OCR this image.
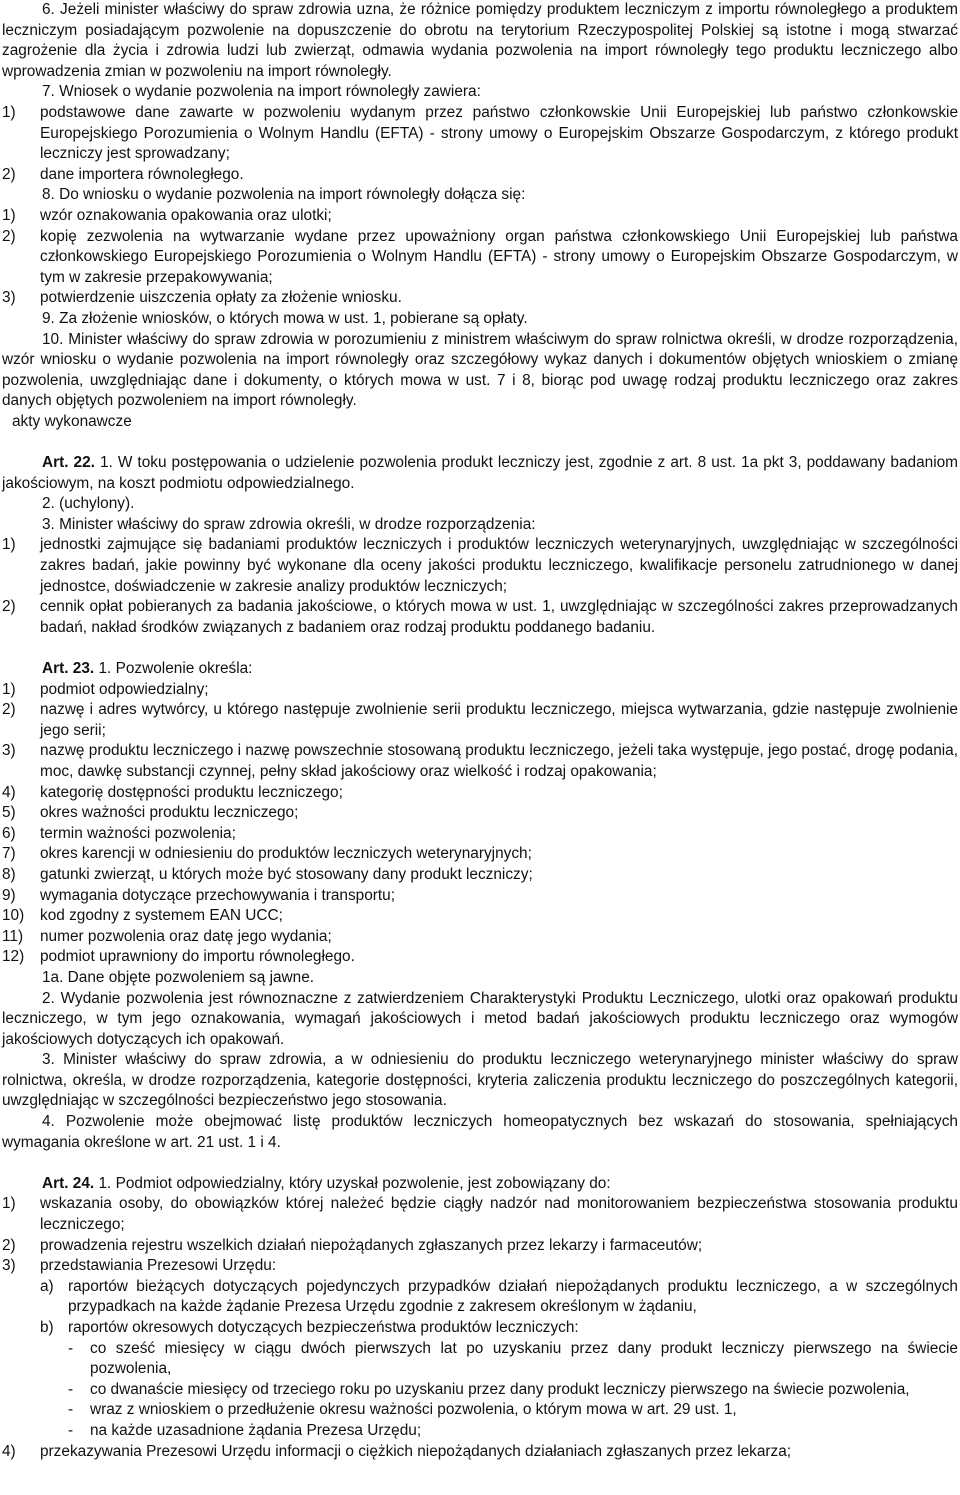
6. Jeżeli minister właściwy do spraw zdrowia uzna, że różnice pomiędzy produktem leczniczym z importu równoległego a produktem leczniczym posiadającym pozwolenie na dopuszczenie do obrotu na terytorium Rzeczypospolitej Polskiej są istotne i mogą stwarzać zagrożenie dla życia i zdrowia ludzi lub zwierząt, odmawia wydania pozwolenia na import równoległy tego produktu leczniczego albo wprowadzenia zmian w pozwoleniu na import równoległy.

7. Wniosek o wydanie pozwolenia na import równoległy zawiera:

1)	podstawowe dane zawarte w pozwoleniu wydanym przez państwo członkowskie Unii Europejskiej lub państwo członkowskie Europejskiego Porozumienia o Wolnym Handlu (EFTA) - strony umowy o Europejskim Obszarze Gospodarczym, z którego produkt leczniczy jest sprowadzany;
2)	dane importera równoległego.

8. Do wniosku o wydanie pozwolenia na import równoległy dołącza się:

1)	wzór oznakowania opakowania oraz ulotki;
2)	kopię zezwolenia na wytwarzanie wydane przez upoważniony organ państwa członkowskiego Unii Europejskiej lub państwa członkowskiego Europejskiego Porozumienia o Wolnym Handlu (EFTA) - strony umowy o Europejskim Obszarze Gospodarczym, w tym w zakresie przepakowywania;
3)	potwierdzenie uiszczenia opłaty za złożenie wniosku.

9. Za złożenie wniosków, o których mowa w ust. 1, pobierane są opłaty.

10. Minister właściwy do spraw zdrowia w porozumieniu z ministrem właściwym do spraw rolnictwa określi, w drodze rozporządzenia, wzór wniosku o wydanie pozwolenia na import równoległy oraz szczegółowy wykaz danych i dokumentów objętych wnioskiem o zmianę pozwolenia, uwzględniając dane i dokumenty, o których mowa w ust. 7 i 8, biorąc pod uwagę rodzaj produktu leczniczego oraz zakres danych objętych pozwoleniem na import równoległy.

akty wykonawcze

Art. 22. 1. W toku postępowania o udzielenie pozwolenia produkt leczniczy jest, zgodnie z art. 8 ust. 1a pkt 3, poddawany badaniom jakościowym, na koszt podmiotu odpowiedzialnego.

2. (uchylony).

3. Minister właściwy do spraw zdrowia określi, w drodze rozporządzenia:

1)	jednostki zajmujące się badaniami produktów leczniczych i produktów leczniczych weterynaryjnych, uwzględniając w szczególności zakres badań, jakie powinny być wykonane dla oceny jakości produktu leczniczego, kwalifikacje personelu zatrudnionego w danej jednostce, doświadczenie w zakresie analizy produktów leczniczych;
2)	cennik opłat pobieranych za badania jakościowe, o których mowa w ust. 1, uwzględniając w szczególności zakres przeprowadzanych badań, nakład środków związanych z badaniem oraz rodzaj produktu poddanego badaniu.

Art. 23. 1. Pozwolenie określa:

1)	podmiot odpowiedzialny;
2)	nazwę i adres wytwórcy, u którego następuje zwolnienie serii produktu leczniczego, miejsca wytwarzania, gdzie następuje zwolnienie jego serii;
3)	nazwę produktu leczniczego i nazwę powszechnie stosowaną produktu leczniczego, jeżeli taka występuje, jego postać, drogę podania, moc, dawkę substancji czynnej, pełny skład jakościowy oraz wielkość i rodzaj opakowania;
4)	kategorię dostępności produktu leczniczego;
5)	okres ważności produktu leczniczego;
6)	termin ważności pozwolenia;
7)	okres karencji w odniesieniu do produktów leczniczych weterynaryjnych;
8)	gatunki zwierząt, u których może być stosowany dany produkt leczniczy;
9)	wymagania dotyczące przechowywania i transportu;
10)	kod zgodny z systemem EAN UCC;
11)	numer pozwolenia oraz datę jego wydania;
12)	podmiot uprawniony do importu równoległego.

1a. Dane objęte pozwoleniem są jawne.

2. Wydanie pozwolenia jest równoznaczne z zatwierdzeniem Charakterystyki Produktu Leczniczego, ulotki oraz opakowań produktu leczniczego, w tym jego oznakowania, wymagań jakościowych i metod badań jakościowych produktu leczniczego oraz wymogów jakościowych dotyczących ich opakowań.

3. Minister właściwy do spraw zdrowia, a w odniesieniu do produktu leczniczego weterynaryjnego minister właściwy do spraw rolnictwa, określa, w drodze rozporządzenia, kategorie dostępności, kryteria zaliczenia produktu leczniczego do poszczególnych kategorii, uwzględniając w szczególności bezpieczeństwo jego stosowania.

4. Pozwolenie może obejmować listę produktów leczniczych homeopatycznych bez wskazań do stosowania, spełniających wymagania określone w art. 21 ust. 1 i 4.

Art. 24. 1. Podmiot odpowiedzialny, który uzyskał pozwolenie, jest zobowiązany do:

1)	wskazania osoby, do obowiązków której należeć będzie ciągły nadzór nad monitorowaniem bezpieczeństwa stosowania produktu leczniczego;
2)	prowadzenia rejestru wszelkich działań niepożądanych zgłaszanych przez lekarzy i farmaceutów;
3)	przedstawiania Prezesowi Urzędu:
a) raportów bieżących dotyczących pojedynczych przypadków działań niepożądanych produktu leczniczego, a w szczególnych przypadkach na każde żądanie Prezesa Urzędu zgodnie z zakresem określonym w żądaniu,
b) raportów okresowych dotyczących bezpieczeństwa produktów leczniczych:
-	co sześć miesięcy w ciągu dwóch pierwszych lat po uzyskaniu przez dany produkt leczniczy pierwszego na świecie pozwolenia,
-	co dwanaście miesięcy od trzeciego roku po uzyskaniu przez dany produkt leczniczy pierwszego na świecie pozwolenia,
-	wraz z wnioskiem o przedłużenie okresu ważności pozwolenia, o którym mowa w art. 29 ust. 1,
-	na każde uzasadnione żądania Prezesa Urzędu;
4)	przekazywania Prezesowi Urzędu informacji o ciężkich niepożądanych działaniach zgłaszanych przez lekarza;
